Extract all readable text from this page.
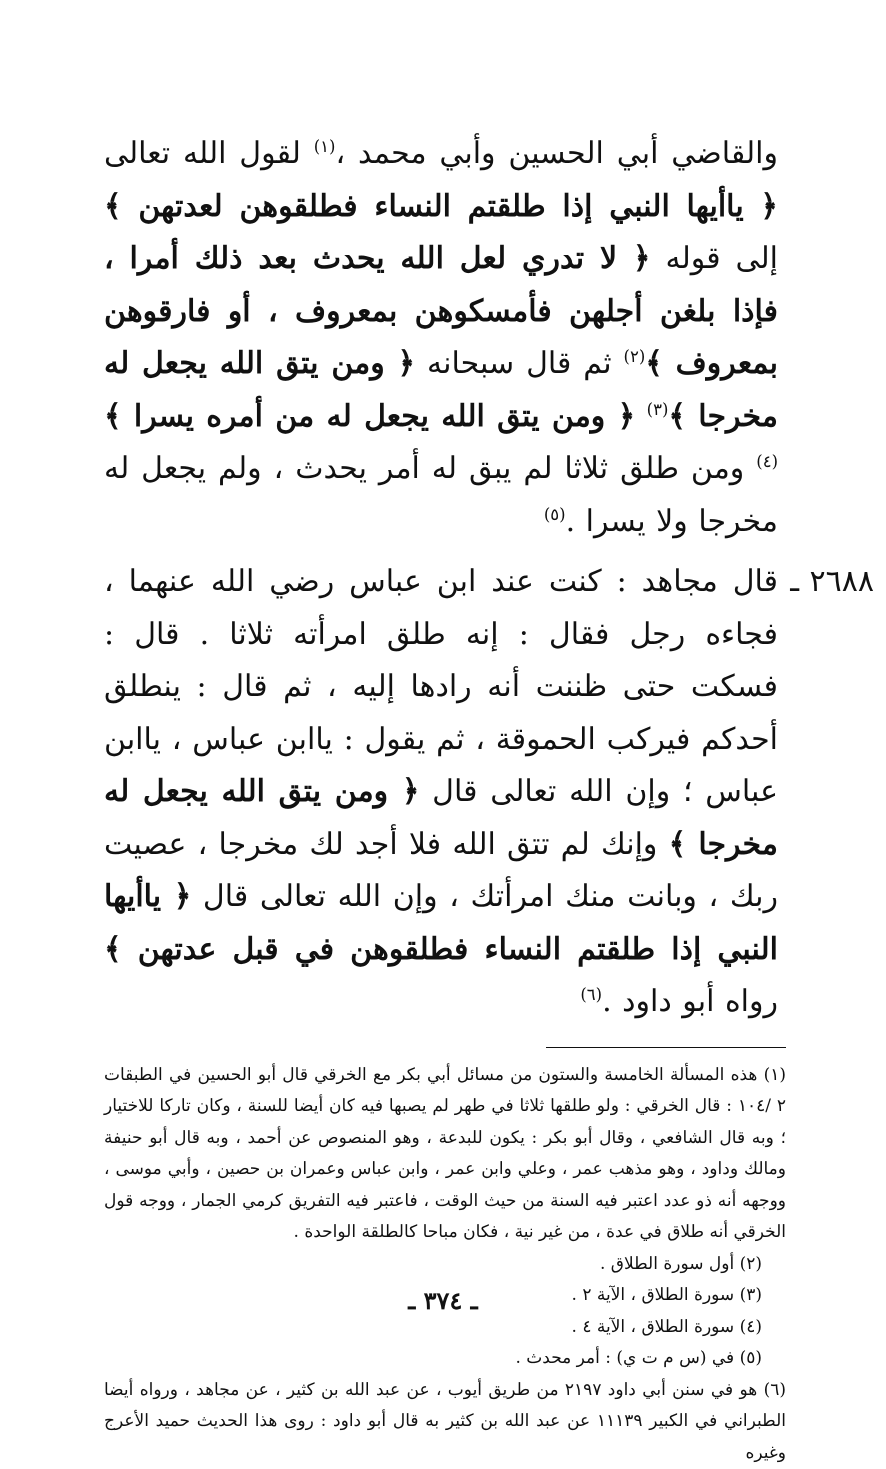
والقاضي أبي الحسين وأبي محمد ،$^{(١)}$ لقول الله تعالى ﴿ ياأيها النبي إذا طلقتم النساء فطلقوهن لعدتهن ﴾ إلى قوله ﴿ لا تدري لعل الله يحدث بعد ذلك أمرا ، فإذا بلغن أجلهن فأمسكوهن بمعروف ، أو فارقوهن بمعروف ﴾$^{(٢)}$ ثم قال سبحانه ﴿ ومن يتق الله يجعل له مخرجا ﴾$^{(٣)}$ ﴿ ومن يتق الله يجعل له من أمره يسرا ﴾$^{(٤)}$ ومن طلق ثلاثا لم يبق له أمر يحدث ، ولم يجعل له مخرجا ولا يسرا .$^{(٥)}$
٢٦٨٨ ـ
قال مجاهد : كنت عند ابن عباس رضي الله عنهما ، فجاءه رجل فقال : إنه طلق امرأته ثلاثا . قال : فسكت حتى ظننت أنه رادها إليه ، ثم قال : ينطلق أحدكم فيركب الحموقة ، ثم يقول : ياابن عباس ، ياابن عباس ؛ وإن الله تعالى قال ﴿ ومن يتق الله يجعل له مخرجا ﴾ وإنك لم تتق الله فلا أجد لك مخرجا ، عصيت ربك ، وبانت منك امرأتك ، وإن الله تعالى قال ﴿ ياأيها النبي إذا طلقتم النساء فطلقوهن في قبل عدتهن ﴾ رواه أبو داود .$^{(٦)}$
(١) هذه المسألة الخامسة والستون من مسائل أبي بكر مع الخرقي قال أبو الحسين في الطبقات ٢ /١٠٤ : قال الخرقي : ولو طلقها ثلاثا في طهر لم يصبها فيه كان أيضا للسنة ، وكان تاركا للاختيار ؛ وبه قال الشافعي ، وقال أبو بكر : يكون للبدعة ، وهو المنصوص عن أحمد ، وبه قال أبو حنيفة ومالك وداود ، وهو مذهب عمر ، وعلي وابن عمر ، وابن عباس وعمران بن حصين ، وأبي موسى ، ووجهه أنه ذو عدد اعتبر فيه السنة من حيث الوقت ، فاعتبر فيه التفريق كرمي الجمار ، ووجه قول الخرقي أنه طلاق في عدة ، من غير نية ، فكان مباحا كالطلقة الواحدة .
(٢) أول سورة الطلاق .
(٣) سورة الطلاق ، الآية ٢ .
(٤) سورة الطلاق ، الآية ٤ .
(٥) في (س م ت ي) : أمر محدث .
(٦) هو في سنن أبي داود ٢١٩٧ من طريق أيوب ، عن عبد الله بن كثير ، عن مجاهد ، ورواه أيضا الطبراني في الكبير ١١١٣٩ عن عبد الله بن كثير به قال أبو داود : روى هذا الحديث حميد الأعرج وغيره
ـ ٣٧٤ ـ
